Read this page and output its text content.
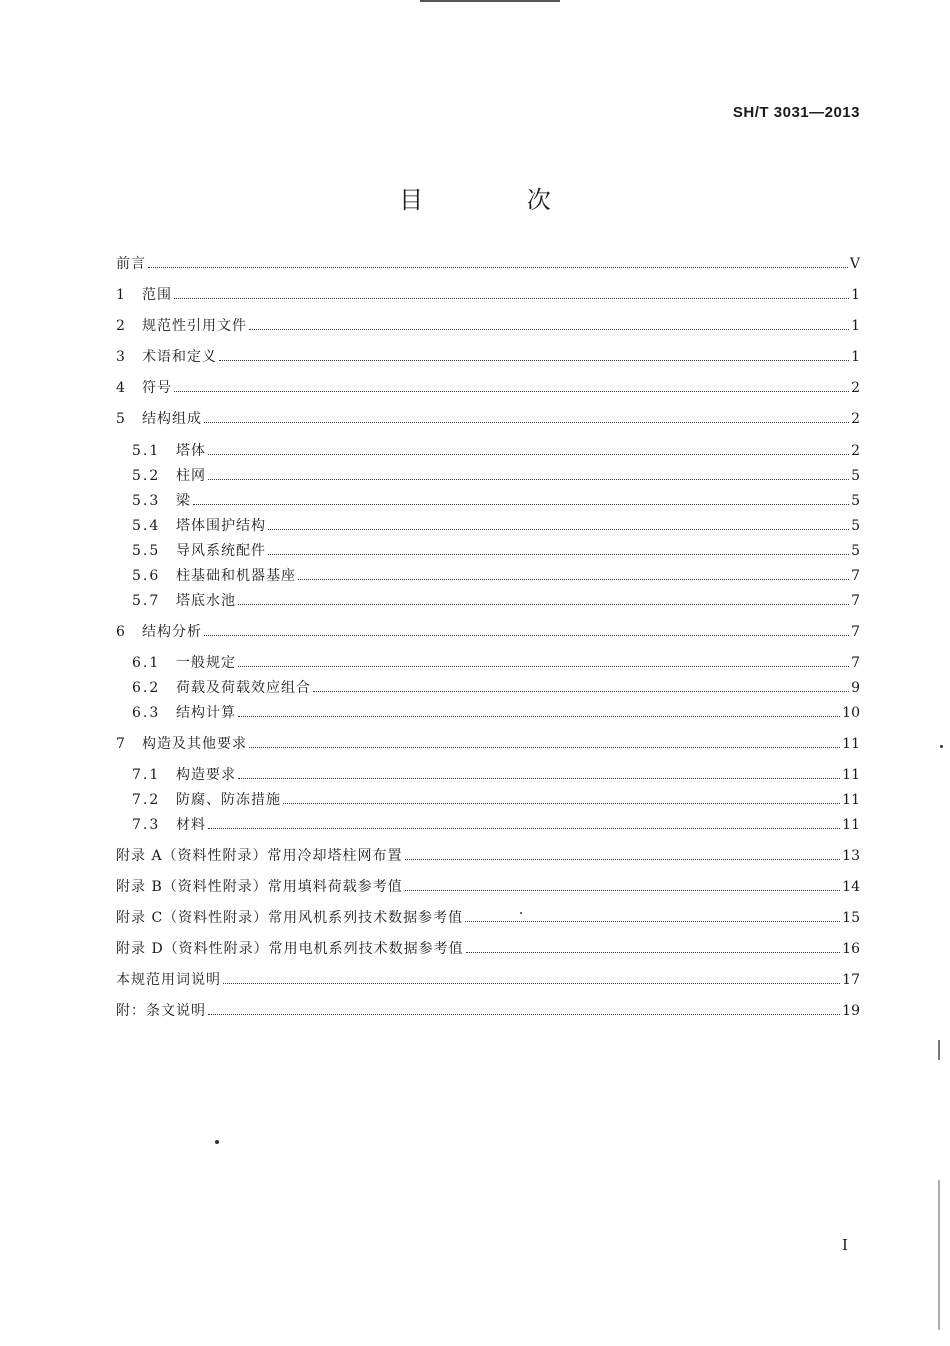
SH/T 3031—2013
目 次
前言	V
1	范围	1
2	规范性引用文件	1
3	术语和定义	1
4	符号	2
5	结构组成	2
5.1	塔体	2
5.2	柱网	5
5.3	梁	5
5.4	塔体围护结构	5
5.5	导风系统配件	5
5.6	柱基础和机器基座	7
5.7	塔底水池	7
6	结构分析	7
6.1	一般规定	7
6.2	荷载及荷载效应组合	9
6.3	结构计算	10
7	构造及其他要求	11
7.1	构造要求	11
7.2	防腐、防冻措施	11
7.3	材料	11
附录 A（资料性附录）常用冷却塔柱网布置	13
附录 B（资料性附录）常用填料荷载参考值	14
附录 C（资料性附录）常用风机系列技术数据参考值	15
附录 D（资料性附录）常用电机系列技术数据参考值	16
本规范用词说明	17
附：条文说明	19
I
